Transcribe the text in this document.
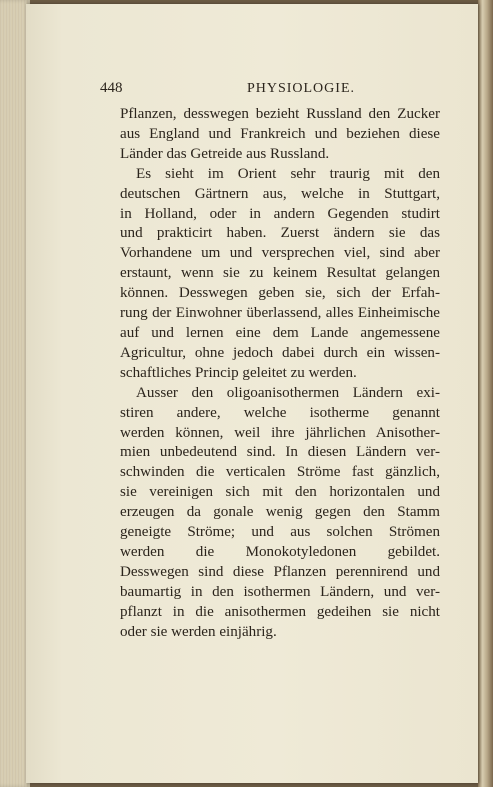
448	PHYSIOLOGIE.
Pflanzen, desswegen bezieht Russland den Zucker
aus England und Frankreich und beziehen diese
Länder das Getreide aus Russland.
Es sieht im Orient sehr traurig mit den
deutschen Gärtnern aus, welche in Stuttgart,
in Holland, oder in andern Gegenden studirt
und prakticirt haben. Zuerst ändern sie das
Vorhandene um und versprechen viel, sind aber
erstaunt, wenn sie zu keinem Resultat gelangen
können. Desswegen geben sie, sich der Erfah-
rung der Einwohner überlassend, alles Einheimische
auf und lernen eine dem Lande angemessene
Agricultur, ohne jedoch dabei durch ein wissen-
schaftliches Princip geleitet zu werden.
Ausser den oligoanisothermen Ländern exi-
stiren andere, welche isotherme genannt
werden können, weil ihre jährlichen Anisother-
mien unbedeutend sind. In diesen Ländern ver-
schwinden die verticalen Ströme fast gänzlich,
sie vereinigen sich mit den horizontalen und
erzeugen da gonale wenig gegen den Stamm
geneigte Ströme; und aus solchen Strömen
werden die Monokotyledonen gebildet.
Desswegen sind diese Pflanzen perennirend und
baumartig in den isothermen Ländern, und ver-
pflanzt in die anisothermen gedeihen sie nicht
oder sie werden einjährig.
